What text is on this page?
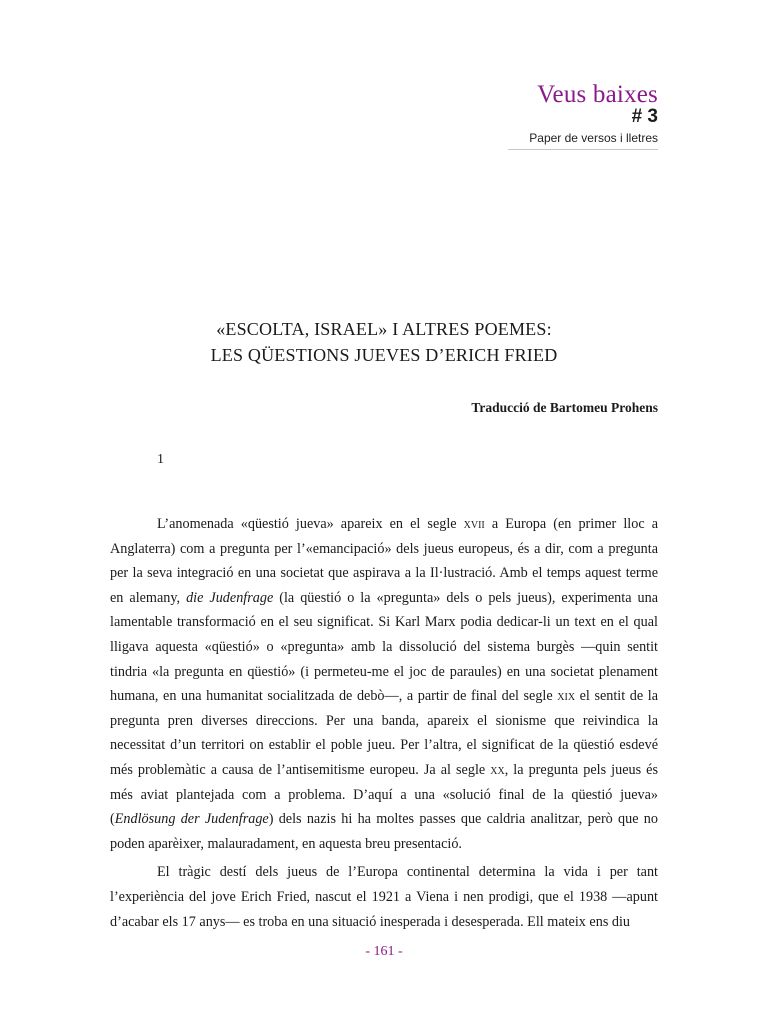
Veus baixes
# 3
Paper de versos i lletres
«ESCOLTA, ISRAEL» I ALTRES POEMES:
LES QÜESTIONS JUEVES D’ERICH FRIED
Traducció de Bartomeu Prohens
1

L’anomenada «qüestió jueva» apareix en el segle xvii a Europa (en primer lloc a Anglaterra) com a pregunta per l’«emancipació» dels jueus europeus, és a dir, com a pregunta per la seva integració en una societat que aspirava a la Il·lustració. Amb el temps aquest terme en alemany, die Judenfrage (la qüestió o la «pregunta» dels o pels jueus), experimenta una lamentable transformació en el seu significat. Si Karl Marx podia dedicar-li un text en el qual lligava aquesta «qüestió» o «pregunta» amb la dissolució del sistema burgès —quin sentit tindria «la pregunta en qüestió» (i permeteu-me el joc de paraules) en una societat plenament humana, en una humanitat socialitzada de debò—, a partir de final del segle xix el sentit de la pregunta pren diverses direccions. Per una banda, apareix el sionisme que reivindica la necessitat d’un territori on establir el poble jueu. Per l’altra, el significat de la qüestió esdevé més problemàtic a causa de l’antisemitisme europeu. Ja al segle xx, la pregunta pels jueus és més aviat plantejada com a problema. D’aquí a una «solució final de la qüestió jueva» (Endlösung der Judenfrage) dels nazis hi ha moltes passes que caldria analitzar, però que no poden aparèixer, malauradament, en aquesta breu presentació.

El tràgic destí dels jueus de l’Europa continental determina la vida i per tant l’experiència del jove Erich Fried, nascut el 1921 a Viena i nen prodigi, que el 1938 —apunt d’acabar els 17 anys— es troba en una situació inesperada i desesperada. Ell mateix ens diu

- 161 -
